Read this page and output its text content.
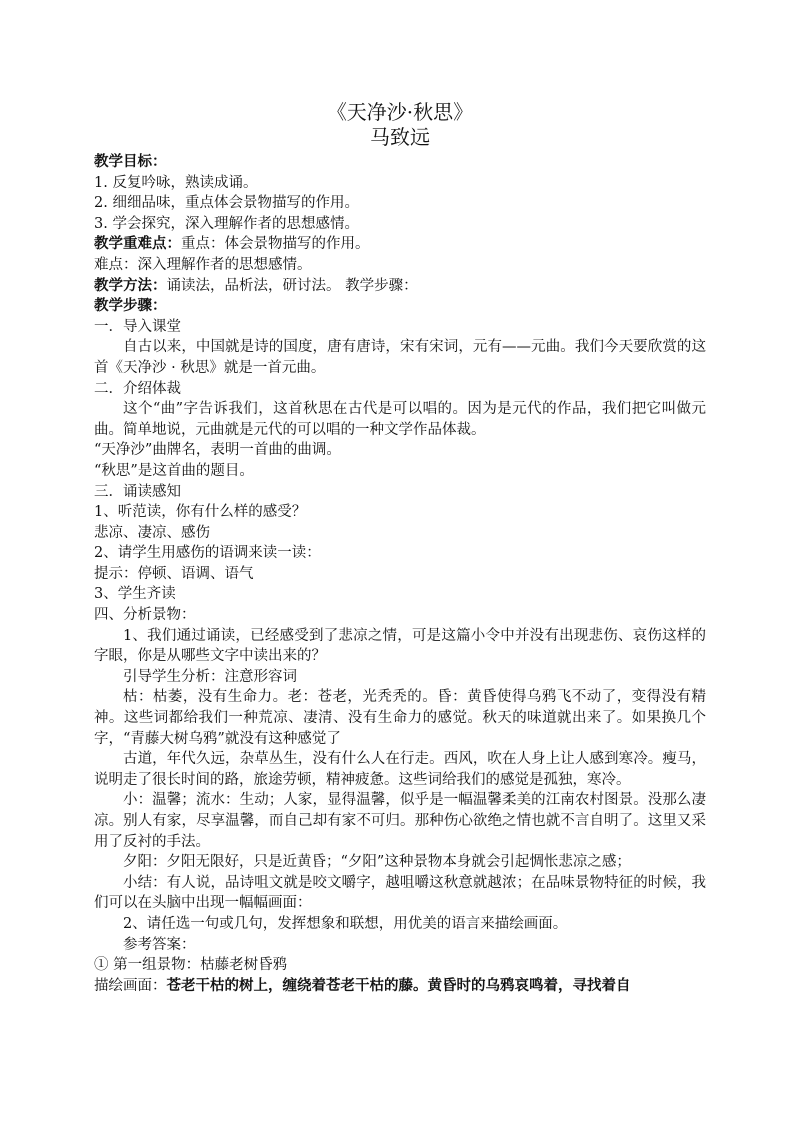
《天净沙·秋思》

马致远

教学目标：

1. 反复吟咏，熟读成诵。

2. 细细品味，重点体会景物描写的作用。

3. 学会探究，深入理解作者的思想感情。

教学重难点：重点：体会景物描写的作用。

难点：深入理解作者的思想感情。

教学方法：诵读法，品析法，研讨法。 教学步骤：

教学步骤：

一．导入课堂

自古以来，中国就是诗的国度，唐有唐诗，宋有宋词，元有——元曲。我们今天要欣赏的这首《天净沙 · 秋思》就是一首元曲。

二．介绍体裁

这个“曲”字告诉我们，这首秋思在古代是可以唱的。因为是元代的作品，我们把它叫做元曲。简单地说，元曲就是元代的可以唱的一种文学作品体裁。

“天净沙”曲牌名，表明一首曲的曲调。

“秋思”是这首曲的题目。

三．诵读感知

1、听范读，你有什么样的感受？

悲凉、凄凉、感伤

2、请学生用感伤的语调来读一读：

提示：停顿、语调、语气

3、学生齐读

四、分析景物：

1、我们通过诵读，已经感受到了悲凉之情，可是这篇小令中并没有出现悲伤、哀伤这样的字眼，你是从哪些文字中读出来的？

引导学生分析：注意形容词

枯：枯萎，没有生命力。老：苍老，光秃秃的。昏：黄昏使得乌鸦飞不动了，变得没有精神。这些词都给我们一种荒凉、凄清、没有生命力的感觉。秋天的味道就出来了。如果换几个字，“青藤大树乌鸦”就没有这种感觉了

古道，年代久远，杂草丛生，没有什么人在行走。西风，吹在人身上让人感到寒冷。瘦马，说明走了很长时间的路，旅途劳顿，精神疲惫。这些词给我们的感觉是孤独，寒冷。

小：温馨；流水：生动；人家，显得温馨，似乎是一幅温馨柔美的江南农村图景。没那么凄凉。别人有家，尽享温馨，而自己却有家不可归。那种伤心欲绝之情也就不言自明了。这里又采用了反衬的手法。

夕阳：夕阳无限好，只是近黄昏；“夕阳”这种景物本身就会引起惆怅悲凉之感；

小结：有人说，品诗咀文就是咬文嚼字，越咀嚼这秋意就越浓；在品味景物特征的时候，我们可以在头脑中出现一幅幅画面：

2、请任选一句或几句，发挥想象和联想，用优美的语言来描绘画面。

参考答案：

① 第一组景物：枯藤老树昏鸦

描绘画面：苍老干枯的树上，缠绕着苍老干枯的藤。黄昏时的乌鸦哀鸣着，寻找着自
